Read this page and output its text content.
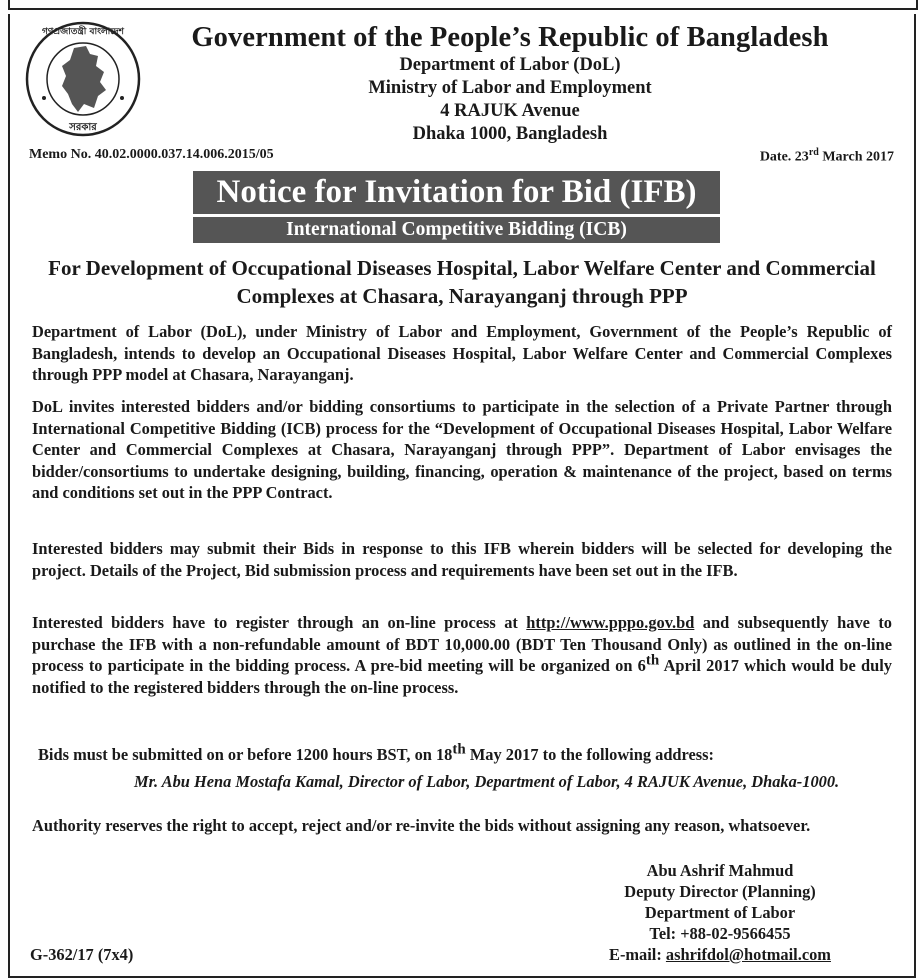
গণপ্রজাতন্ত্রী বাংলাদেশ
সরকার
Government of the People’s Republic of Bangladesh
Department of Labor (DoL)
Ministry of Labor and Employment
4 RAJUK Avenue
Dhaka 1000, Bangladesh
Memo No. 40.02.0000.037.14.006.2015/05	Date. 23rd March 2017
Notice for Invitation for Bid (IFB)
International Competitive Bidding (ICB)
For Development of Occupational Diseases Hospital, Labor Welfare Center and Commercial Complexes at Chasara, Narayanganj through PPP
Department of Labor (DoL), under Ministry of Labor and Employment, Government of the People’s Republic of Bangladesh, intends to develop an Occupational Diseases Hospital, Labor Welfare Center and Commercial Complexes through PPP model at Chasara, Narayanganj.
DoL invites interested bidders and/or bidding consortiums to participate in the selection of a Private Partner through International Competitive Bidding (ICB) process for the “Development of Occupational Diseases Hospital, Labor Welfare Center and Commercial Complexes at Chasara, Narayanganj through PPP”. Department of Labor envisages the bidder/consortiums to undertake designing, building, financing, operation & maintenance of the project, based on terms and conditions set out in the PPP Contract.
Interested bidders may submit their Bids in response to this IFB wherein bidders will be selected for developing the project. Details of the Project, Bid submission process and requirements have been set out in the IFB.
Interested bidders have to register through an on-line process at http://www.pppo.gov.bd and subsequently have to purchase the IFB with a non-refundable amount of BDT 10,000.00 (BDT Ten Thousand Only) as outlined in the on-line process to participate in the bidding process. A pre-bid meeting will be organized on 6th April 2017 which would be duly notified to the registered bidders through the on-line process.
Bids must be submitted on or before 1200 hours BST, on 18th May 2017 to the following address:
Mr. Abu Hena Mostafa Kamal, Director of Labor, Department of Labor, 4 RAJUK Avenue, Dhaka-1000.
Authority reserves the right to accept, reject and/or re-invite the bids without assigning any reason, whatsoever.
Abu Ashrif Mahmud
Deputy Director (Planning)
Department of Labor
Tel: +88-02-9566455
E-mail: ashrifdol@hotmail.com
G-362/17 (7x4)
